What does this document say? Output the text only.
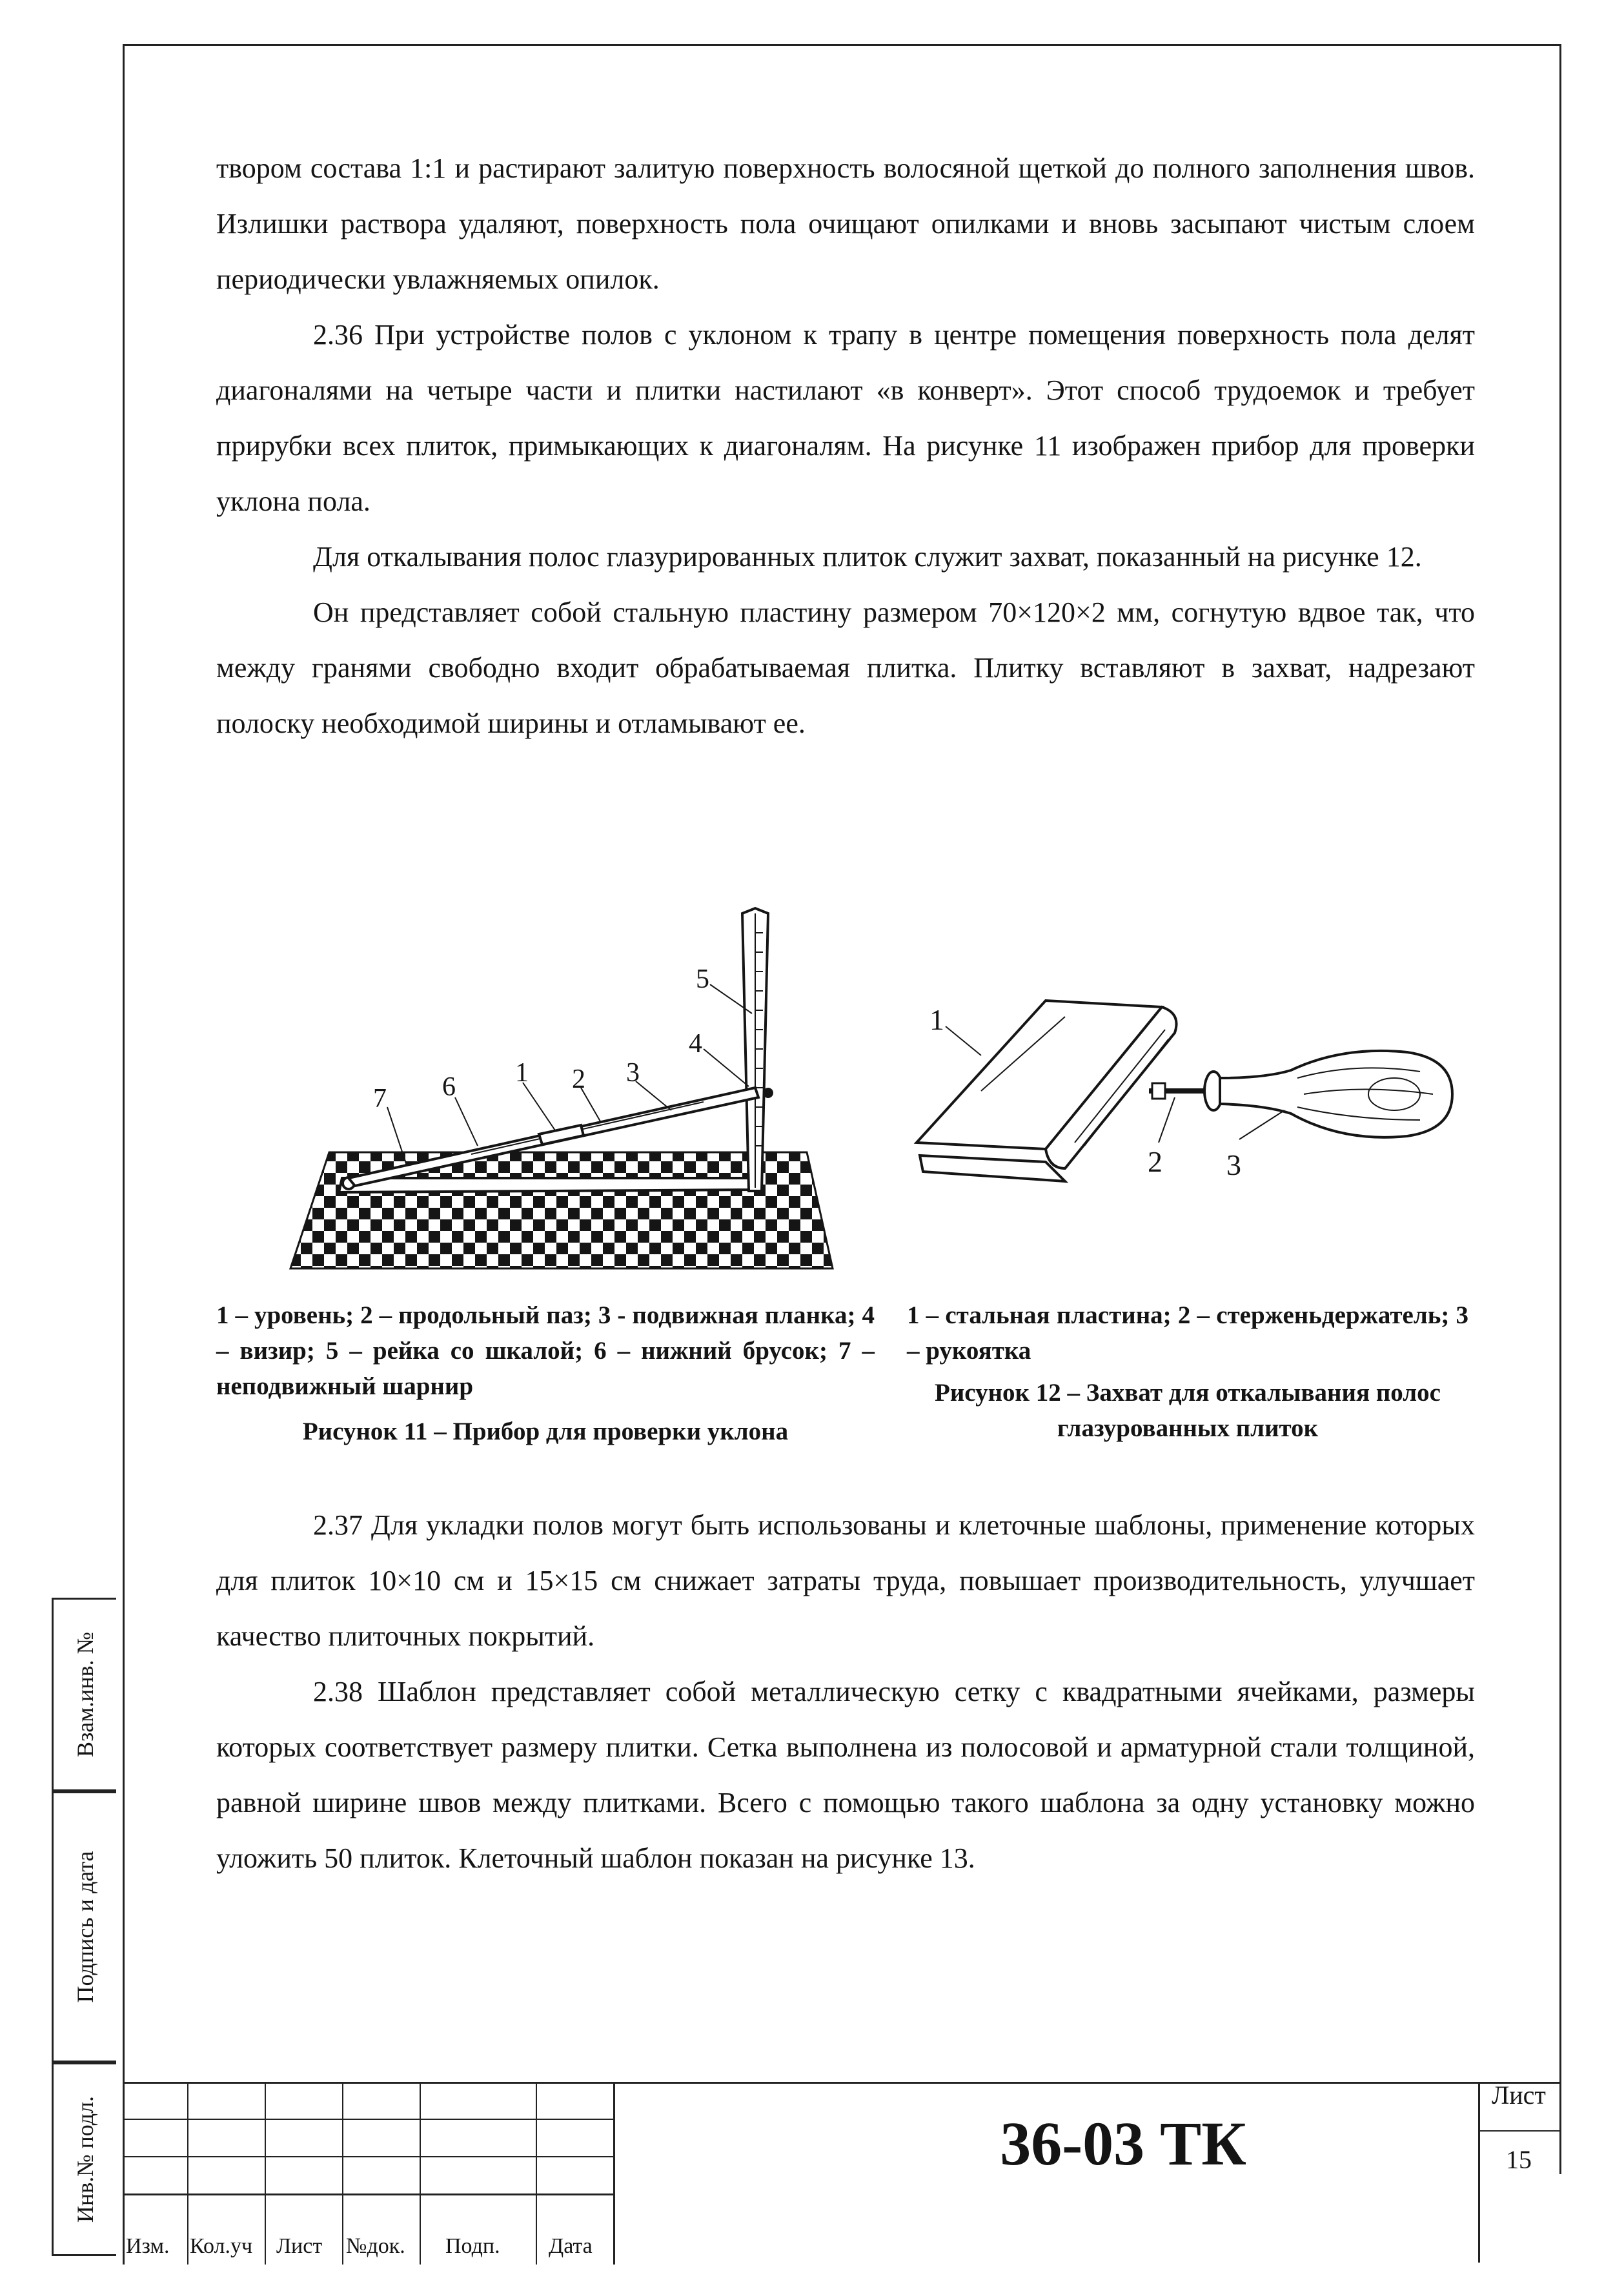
твором состава 1:1 и растирают залитую поверхность волосяной щеткой до полного заполнения швов. Излишки раствора удаляют, поверхность пола очищают опилками и вновь засыпают чистым слоем периодически увлажняемых опилок.

2.36 При устройстве полов с уклоном к трапу в центре помещения поверхность пола делят диагоналями на четыре части и плитки настилают «в конверт». Этот способ трудоемок и требует прирубки всех плиток, примыкающих к диагоналям. На рисунке 11 изображен прибор для проверки уклона пола.

Для откалывания полос глазурированных плиток служит захват, показанный на рисунке 12.

Он представляет собой стальную пластину размером 70×120×2 мм, согнутую вдвое так, что между гранями свободно входит обрабатываемая плитка. Плитку вставляют в захват, надрезают полоску необходимой ширины и отламывают ее.

5
4
3
2
1
6
7
1 – уровень; 2 – продольный паз; 3 - подвижная планка; 4 – визир; 5 – рейка со шкалой; 6 – нижний брусок; 7 – неподвижный шарнир
Рисунок 11 – Прибор для проверки уклона
1
2 3
1 – стальная пластина; 2 – стерженьдержатель; 3 – рукоятка
Рисунок 12 – Захват для откалывания полос глазурованных плиток

2.37 Для укладки полов могут быть использованы и клеточные шаблоны, применение которых для плиток 10×10 см и 15×15 см снижает затраты труда, повышает производительность, улучшает качество плиточных покрытий.

2.38 Шаблон представляет собой металлическую сетку с квадратными ячейками, размеры которых соответствует размеру плитки. Сетка выполнена из полосовой и арматурной стали толщиной, равной ширине швов между плитками. Всего с помощью такого шаблона за одну установку можно уложить 50 плиток. Клеточный шаблон показан на рисунке 13.

Взам.инв. №
Подпись и дата
Инв.№ подл.
Изм. Кол.уч Лист №док. Подп. Дата
36-03 ТК
Лист
15
